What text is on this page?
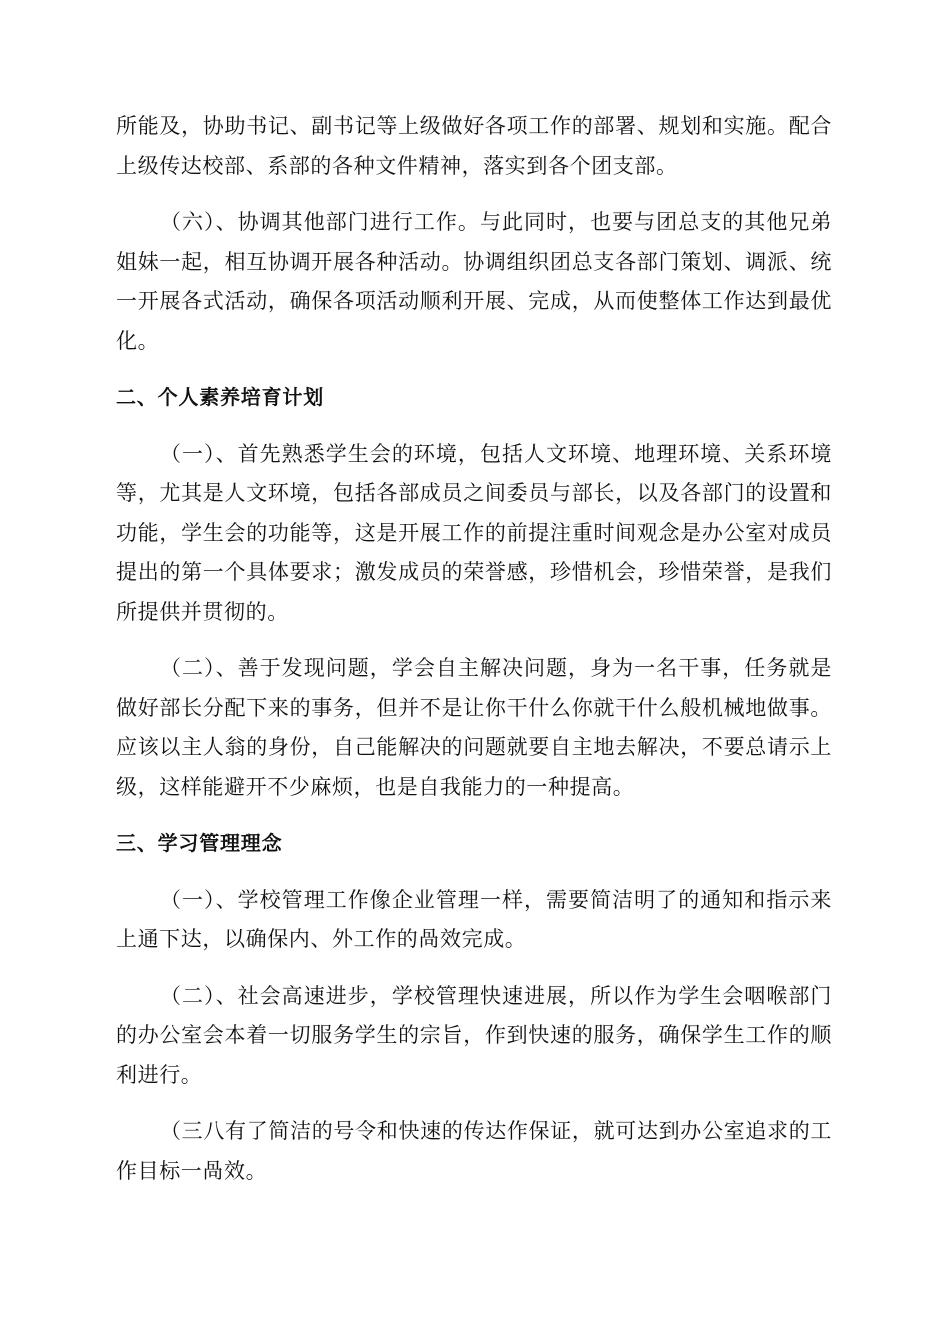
所能及，协助书记、副书记等上级做好各项工作的部署、规划和实施。配合上级传达校部、系部的各种文件精神，落实到各个团支部。

（六）、协调其他部门进行工作。与此同时，也要与团总支的其他兄弟姐妹一起，相互协调开展各种活动。协调组织团总支各部门策划、调派、统一开展各式活动，确保各项活动顺利开展、完成，从而使整体工作达到最优化。

二、个人素养培育计划

（一）、首先熟悉学生会的环境，包括人文环境、地理环境、关系环境等，尤其是人文环境，包括各部成员之间委员与部长，以及各部门的设置和功能，学生会的功能等，这是开展工作的前提注重时间观念是办公室对成员提出的第一个具体要求；激发成员的荣誉感，珍惜机会，珍惜荣誉，是我们所提供并贯彻的。

（二）、善于发现问题，学会自主解决问题，身为一名干事，任务就是做好部长分配下来的事务，但并不是让你干什么你就干什么般机械地做事。应该以主人翁的身份，自己能解决的问题就要自主地去解决，不要总请示上级，这样能避开不少麻烦，也是自我能力的一种提高。

三、学习管理理念

（一）、学校管理工作像企业管理一样，需要简洁明了的通知和指示来上通下达，以确保内、外工作的咼效完成。

（二）、社会高速进步，学校管理快速进展，所以作为学生会咽喉部门的办公室会本着一切服务学生的宗旨，作到快速的服务，确保学生工作的顺利进行。

（三八有了简洁的号令和快速的传达作保证，就可达到办公室追求的工作目标一咼效。
